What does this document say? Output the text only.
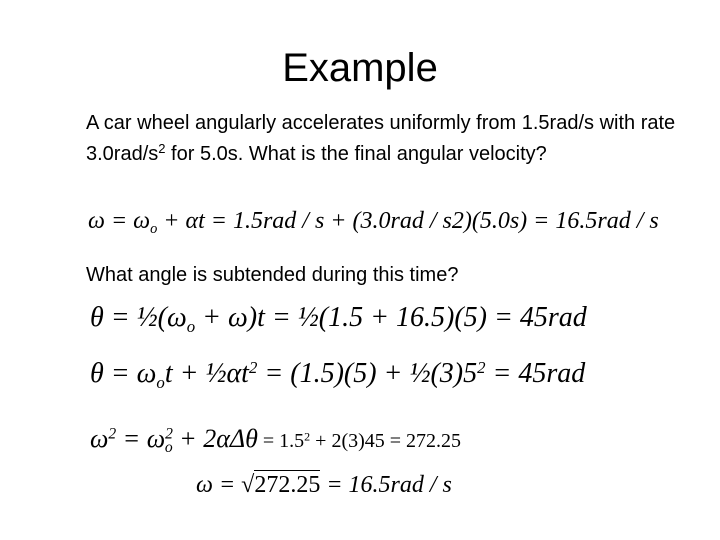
Example
A car wheel angularly accelerates uniformly from 1.5rad/s with rate $3.0rad/s^2$ for 5.0s. What is the final angular velocity?
$\omega = \omega_o + \alpha t = 1.5rad / s + (3.0rad / s2)(5.0s) = 16.5rad / s$
What angle is subtended during this time?
$\theta = \frac{1}{2}(\omega_o + \omega)t$ = ½(1.5 + 16.5)(5) = 45rad
$\theta = \omega_ot$ + $\frac{1}{2}\alpha t^2 = (1.5)(5)$ + $\frac{1}{2}(3)5^2 = 45rad$
$\omega^2 = \omega^2_o + 2\alpha\Delta\theta = 1.5^2 + 2(3)45 = 272.25$
ω = √272.25 = 16.5rad / s
